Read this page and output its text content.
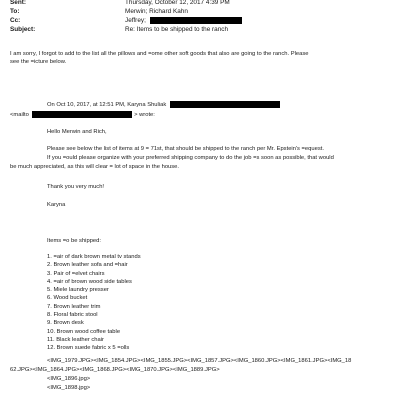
Sent:	Thursday, October 12, 2017 4:39 PM
To:	Merwin; Richard Kahn
Cc:	Jeffrey;
Subject:	Re: Items to be shipped to the ranch
I am sorry, I forgot to add to the list all the pillows and =ome other soft goods that also are going to the ranch. Please
see the =icture below.
On Oct 10, 2017, at 12:51 PM, Karyna Shuliak
<mailto	> wrote:
Hello Merwin and Rich,
Please see below the list of items at 9 = 71st, that should be shipped to the ranch per Mr. Epstein's =equest.
If you =ould please organize with your preferred shipping company to do the job =s soon as possible, that would
be much appreciated, as this will clear = lot of space in the house.
Thank you very much!
Karyna
Items =o be shipped:
1. =air of dark brown metal tv stands
2. Brown leather sofa and =hair
3. Pair of =elvet chairs
4. =air of brown wood side tables
5. Miele laundry presser
6. Wood bucket
7. Brown leather trim
8. Floral fabric stool
9. Brown desk
10. Brown wood coffee table
11. Black leather chair
12. Brown suede fabric x 5 =olls
<IMG_1979.JPG><IMG_1854.JPG><IMG_1855.JPG><IMG_1857.JPG><IMG_1860.JPG><IMG_1861.JPG><IMG_18
62.JPG><IMG_1864.JPG><IMG_1868.JPG><IMG_1870.JPG><IMG_1889.JPG>
<IMG_1896.jpg>
<IMG_1898.jpg>
